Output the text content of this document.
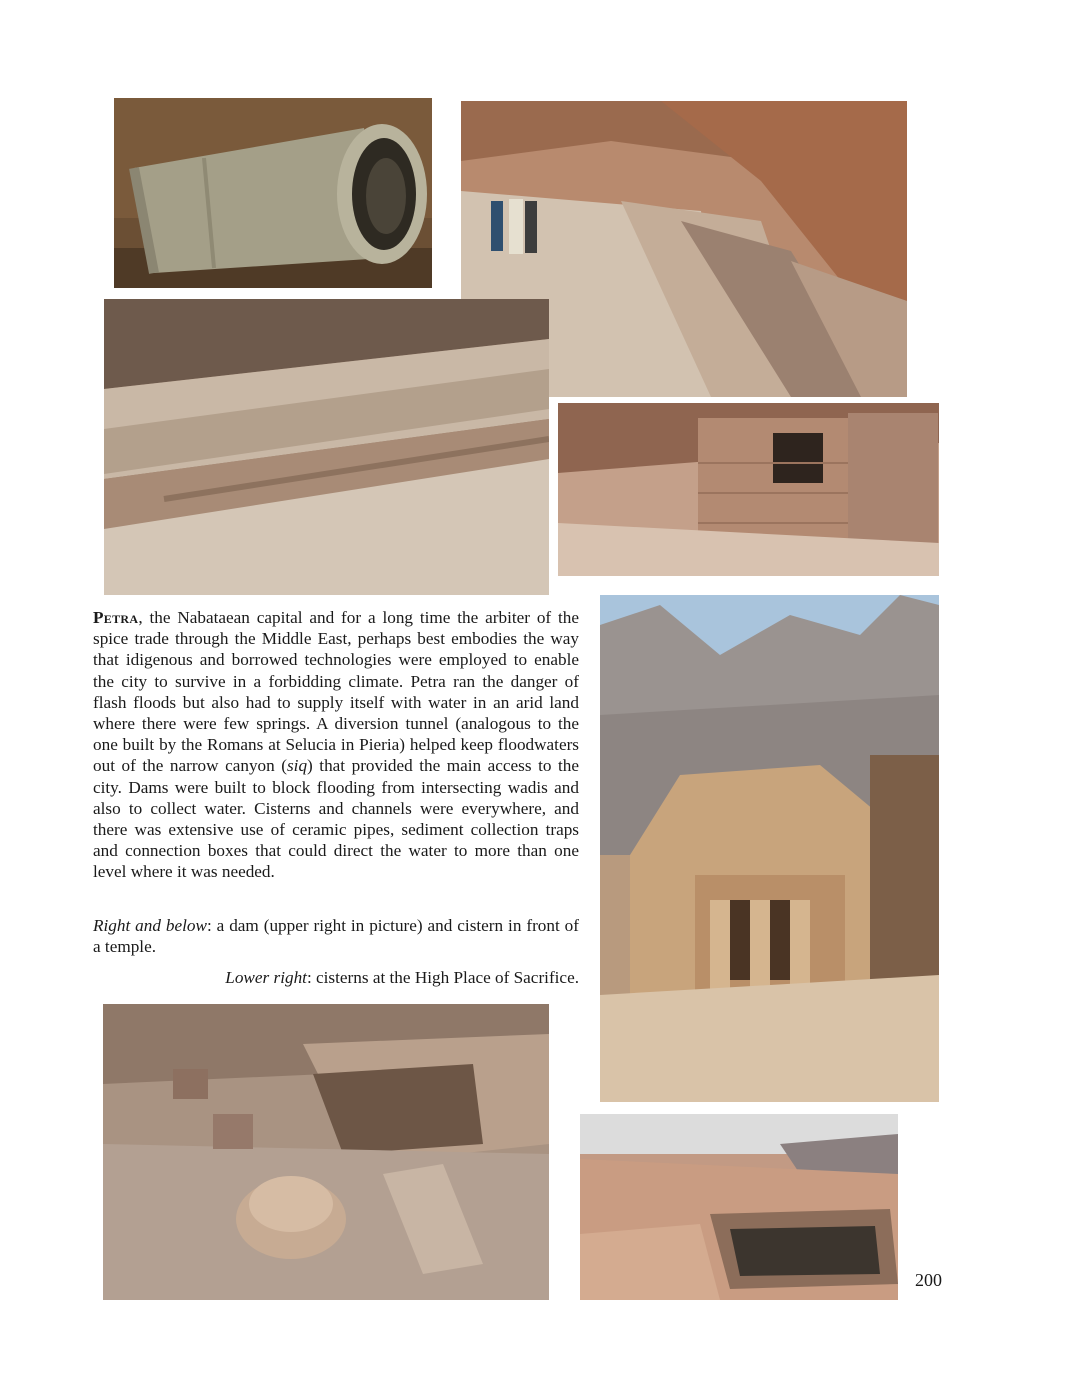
Petra, the Nabataean capital and for a long time the arbiter of the spice trade through the Middle East, perhaps best embodies the way that idigenous and borrowed technologies were employed to enable the city to survive in a forbidding climate. Petra ran the danger of flash floods but also had to supply itself with water in an arid land where there were few springs. A diversion tunnel (analogous to the one built by the Romans at Selucia in Pieria) helped keep floodwaters out of the narrow canyon (siq) that provided the main access to the city. Dams were built to block flooding from intersecting wadis and also to collect water. Cisterns and channels were everywhere, and there was extensive use of ceramic pipes, sediment collection traps and connection boxes that could direct the water to more than one level where it was needed.

Right and below: a dam (upper right in picture) and cistern in front of a temple.

Lower right: cisterns at the High Place of Sacrifice.

200
